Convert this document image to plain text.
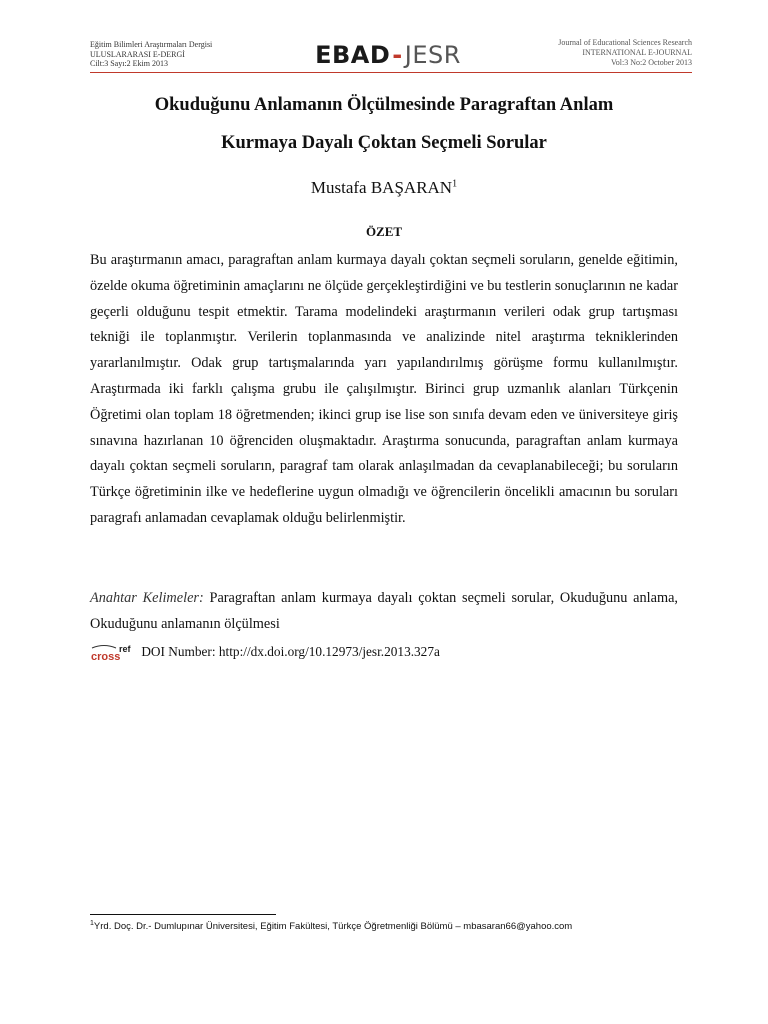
Eğitim Bilimleri Araştırmaları Dergisi
ULUSLARARASI E-DERGİ
Cilt:3 Sayı:2 Ekim 2013	EBAD-JESR	Journal of Educational Sciences Research
INTERNATIONAL E-JOURNAL
Vol:3 No:2 October 2013
Okuduğunu Anlamanın Ölçülmesinde Paragraftan Anlam
Kurmaya Dayalı Çoktan Seçmeli Sorular
Mustafa BAŞARAN$^1$
ÖZET

Bu araştırmanın amacı, paragraftan anlam kurmaya dayalı çoktan seçmeli soruların, genelde eğitimin, özelde okuma öğretiminin amaçlarını ne ölçüde gerçekleştirdiğini ve bu testlerin sonuçlarının ne kadar geçerli olduğunu tespit etmektir. Tarama modelindeki araştırmanın verileri odak grup tartışması tekniği ile toplanmıştır. Verilerin toplanmasında ve analizinde nitel araştırma tekniklerinden yararlanılmıştır. Odak grup tartışmalarında yarı yapılandırılmış görüşme formu kullanılmıştır. Araştırmada iki farklı çalışma grubu ile çalışılmıştır. Birinci grup uzmanlık alanları Türkçenin Öğretimi olan toplam 18 öğretmenden; ikinci grup ise lise son sınıfa devam eden ve üniversiteye giriş sınavına hazırlanan 10 öğrenciden oluşmaktadır. Araştırma sonucunda, paragraftan anlam kurmaya dayalı çoktan seçmeli soruların, paragraf tam olarak anlaşılmadan da cevaplanabileceği; bu soruların Türkçe öğretiminin ilke ve hedeflerine uygun olmadığı ve öğrencilerin öncelikli amacının bu soruları paragrafı anlamadan cevaplamak olduğu belirlenmiştir.

Anahtar Kelimeler: Paragraftan anlam kurmaya dayalı çoktan seçmeli sorular, Okuduğunu anlama, Okuduğunu anlamanın ölçülmesi

cross
ref DOI Number: http://dx.doi.org/10.12973/jesr.2013.327a
$^1$Yrd. Doç. Dr.- Dumlupınar Üniversitesi, Eğitim Fakültesi, Türkçe Öğretmenliği Bölümü – mbasaran66@yahoo.com
